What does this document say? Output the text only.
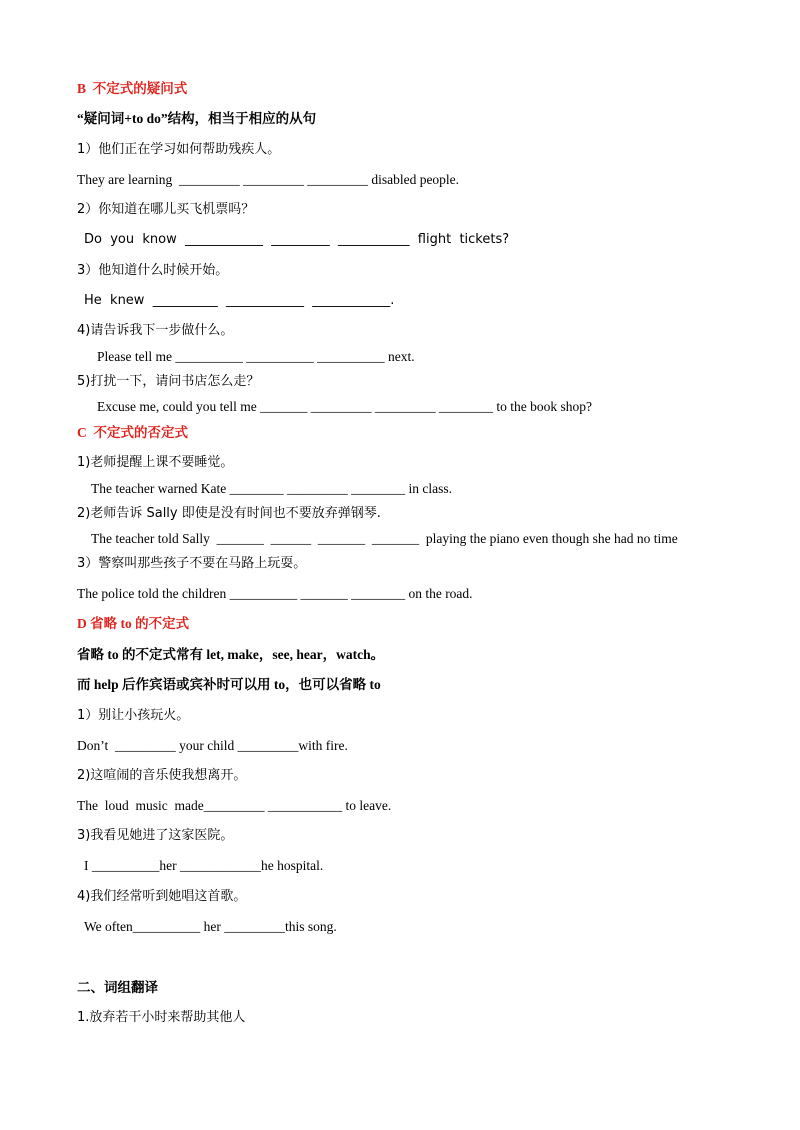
B  不定式的疑问式
“疑问词+to do”结构，相当于相应的从句
1）他们正在学习如何帮助残疾人。
They are learning  _________ _________ _________ disabled people.
2）你知道在哪儿买飞机票吗？
Do  you  know  ____________  _________  ___________  flight  tickets?
3）他知道什么时候开始。
He  knew  __________  ____________  ____________.
4)请告诉我下一步做什么。
Please tell me __________ __________ __________ next.
5)打扰一下，请问书店怎么走？
Excuse me, could you tell me _______ _________ _________ ________ to the book shop?
C  不定式的否定式
1)老师提醒上课不要睡觉。
The teacher warned Kate ________ _________ ________ in class.
2)老师告诉 Sally 即使是没有时间也不要放弃弹钢琴.
The teacher told Sally  _______  ______  _______  _______  playing the piano even though she had no time
3）警察叫那些孩子不要在马路上玩耍。
The police told the children __________ _______ ________ on the road.
D 省略 to 的不定式
省略 to 的不定式常有 let, make，see, hear，watch。
而 help 后作宾语或宾补时可以用 to，也可以省略 to
1）别让小孩玩火。
Don’t  _________ your child _________with fire.
2)这喧闹的音乐使我想离开。
The  loud  music  made_________ ___________ to leave.
3)我看见她进了这家医院。
I __________her ____________he hospital.
4)我们经常听到她唱这首歌。
We often__________ her _________this song.
二、词组翻译
1.放弃若干小时来帮助其他人
